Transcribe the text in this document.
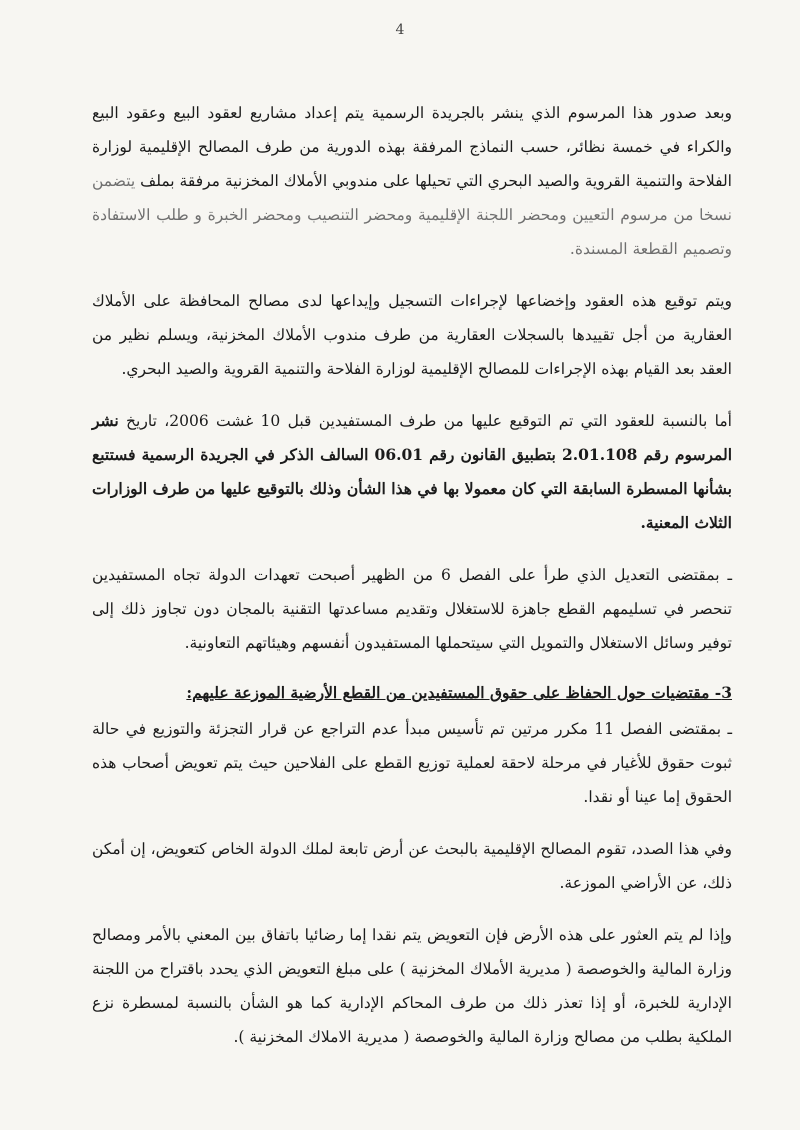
4

وبعد صدور هذا المرسوم الذي ينشر بالجريدة الرسمية يتم إعداد مشاريع لعقود البيع وعقود البيع والكراء في خمسة نظائر، حسب النماذج المرفقة بهذه الدورية من طرف المصالح الإقليمية لوزارة الفلاحة والتنمية القروية والصيد البحري التي تحيلها على مندوبي الأملاك المخزنية مرفقة بملف يتضمن نسخا من مرسوم التعيين ومحضر اللجنة الإقليمية ومحضر التنصيب ومحضر الخبرة و طلب الاستفادة وتصميم القطعة المسندة.

ويتم توقيع هذه العقود وإخضاعها لإجراءات التسجيل وإيداعها لدى مصالح المحافظة على الأملاك العقارية من أجل تقييدها بالسجلات العقارية من طرف مندوب الأملاك المخزنية، ويسلم نظير من العقد بعد القيام بهذه الإجراءات للمصالح الإقليمية لوزارة الفلاحة والتنمية القروية والصيد البحري.

أما بالنسبة للعقود التي تم التوقيع عليها من طرف المستفيدين قبل 10 غشت 2006، تاريخ نشر المرسوم رقم 2.01.108 بتطبيق القانون رقم 06.01 السالف الذكر في الجريدة الرسمية فستتبع بشأنها المسطرة السابقة التي كان معمولا بها في هذا الشأن وذلك بالتوقيع عليها من طرف الوزارات الثلاث المعنية.

ـ بمقتضى التعديل الذي طرأ على الفصل 6 من الظهير أصبحت تعهدات الدولة تجاه المستفيدين تنحصر في تسليمهم القطع جاهزة للاستغلال وتقديم مساعدتها التقنية بالمجان دون تجاوز ذلك إلى توفير وسائل الاستغلال والتمويل التي سيتحملها المستفيدون أنفسهم وهيئاتهم التعاونية.

3- مقتضيات حول الحفاظ على حقوق المستفيدين من القطع الأرضية الموزعة عليهم:

ـ بمقتضى الفصل 11 مكرر مرتين تم تأسيس مبدأ عدم التراجع عن قرار التجزئة والتوزيع في حالة ثبوت حقوق للأغيار في مرحلة لاحقة لعملية توزيع القطع على الفلاحين حيث يتم تعويض أصحاب هذه الحقوق إما عينا أو نقدا.

وفي هذا الصدد، تقوم المصالح الإقليمية بالبحث عن أرض تابعة لملك الدولة الخاص كتعويض، إن أمكن ذلك، عن الأراضي الموزعة.

وإذا لم يتم العثور على هذه الأرض فإن التعويض يتم نقدا إما رضائيا باتفاق بين المعني بالأمر ومصالح وزارة المالية والخوصصة ( مديرية الأملاك المخزنية ) على مبلغ التعويض الذي يحدد باقتراح من اللجنة الإدارية للخبرة، أو إذا تعذر ذلك من طرف المحاكم الإدارية كما هو الشأن بالنسبة لمسطرة نزع الملكية بطلب من مصالح وزارة المالية والخوصصة ( مديرية الاملاك المخزنية ).
